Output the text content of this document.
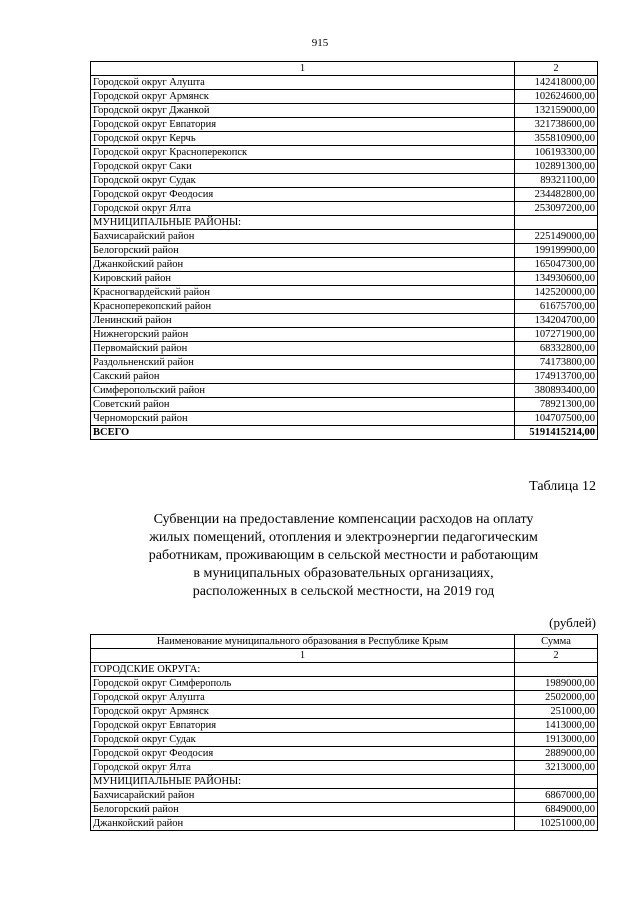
915
1	2
Городской округ Алушта	142418000,00
Городской округ Армянск	102624600,00
Городской округ Джанкой	132159000,00
Городской округ Евпатория	321738600,00
Городской округ Керчь	355810900,00
Городской округ Красноперекопск	106193300,00
Городской округ Саки	102891300,00
Городской округ Судак	89321100,00
Городской округ Феодосия	234482800,00
Городской округ Ялта	253097200,00
МУНИЦИПАЛЬНЫЕ РАЙОНЫ:	
Бахчисарайский район	225149000,00
Белогорский район	199199900,00
Джанкойский район	165047300,00
Кировский район	134930600,00
Красногвардейский район	142520000,00
Красноперекопский район	61675700,00
Ленинский район	134204700,00
Нижнегорский район	107271900,00
Первомайский район	68332800,00
Раздольненский район	74173800,00
Сакский район	174913700,00
Симферопольский район	380893400,00
Советский район	78921300,00
Черноморский район	104707500,00
ВСЕГО	5191415214,00
Таблица 12
Субвенции на предоставление компенсации расходов на оплату
жилых помещений, отопления и электроэнергии педагогическим
работникам, проживающим в сельской местности и работающим
в муниципальных образовательных организациях,
расположенных в сельской местности, на 2019 год
(рублей)
Наименование муниципального образования в Республике Крым	Сумма
1	2
ГОРОДСКИЕ ОКРУГА:	
Городской округ Симферополь	1989000,00
Городской округ Алушта	2502000,00
Городской округ Армянск	251000,00
Городской округ Евпатория	1413000,00
Городской округ Судак	1913000,00
Городской округ Феодосия	2889000,00
Городской округ Ялта	3213000,00
МУНИЦИПАЛЬНЫЕ РАЙОНЫ:	
Бахчисарайский район	6867000,00
Белогорский район	6849000,00
Джанкойский район	10251000,00
